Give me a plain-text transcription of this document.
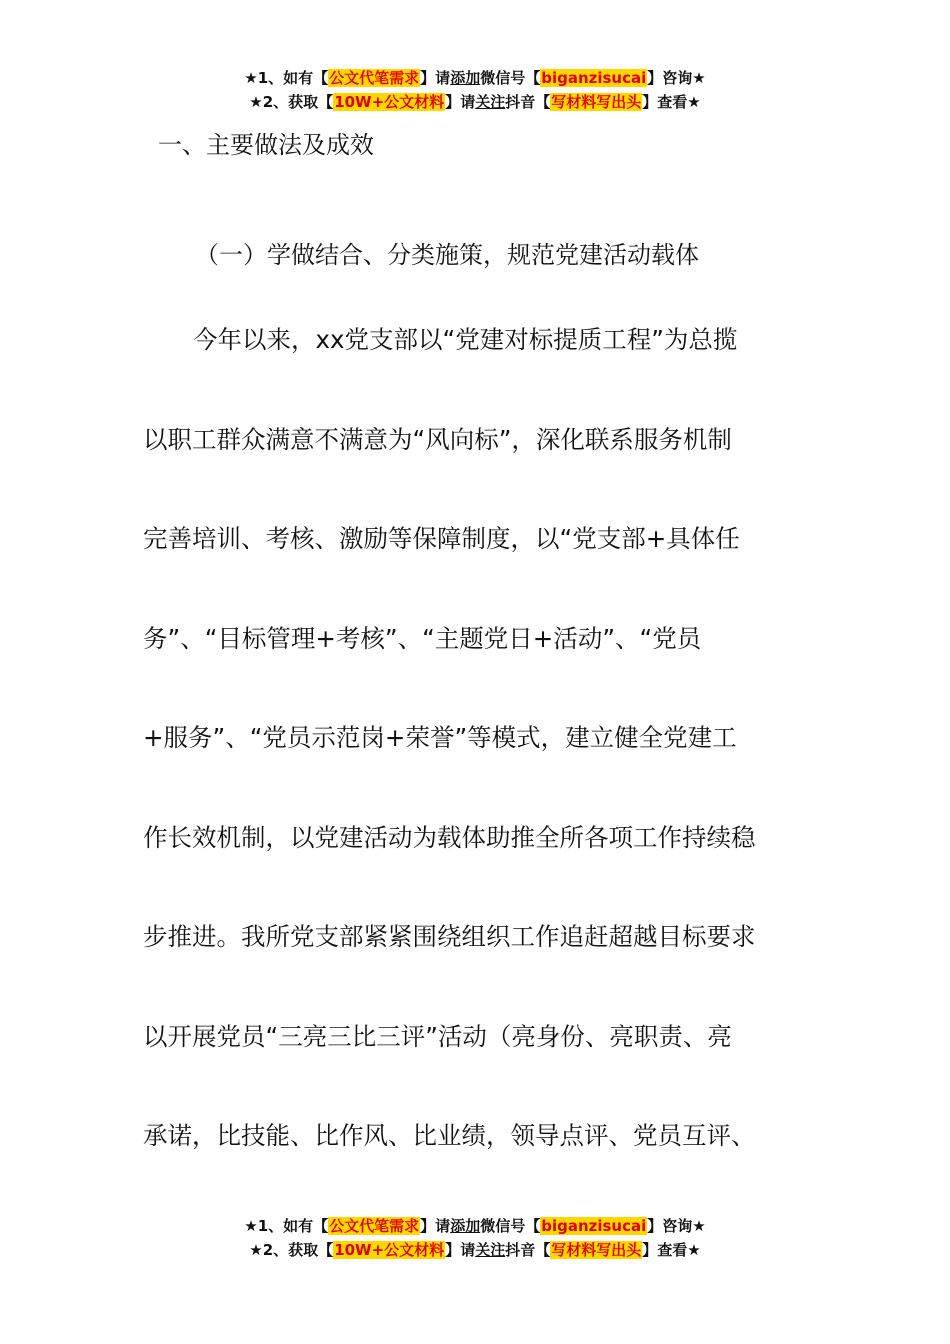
★1、如有【公文代笔需求】请添加微信号【biganzisucai】咨询★
★2、获取【10W+公文材料】请关注抖音【写材料写出头】查看★
一、主要做法及成效
（一）学做结合、分类施策，规范党建活动载体
今年以来，xx党支部以“党建对标提质工程”为总揽
以职工群众满意不满意为“风向标”，深化联系服务机制
完善培训、考核、激励等保障制度，以“党支部+具体任
务”、“目标管理+考核”、“主题党日+活动”、“党员
+服务”、“党员示范岗+荣誉”等模式，建立健全党建工
作长效机制，以党建活动为载体助推全所各项工作持续稳
步推进。我所党支部紧紧围绕组织工作追赶超越目标要求
以开展党员“三亮三比三评”活动（亮身份、亮职责、亮
承诺，比技能、比作风、比业绩，领导点评、党员互评、
★1、如有【公文代笔需求】请添加微信号【biganzisucai】咨询★
★2、获取【10W+公文材料】请关注抖音【写材料写出头】查看★
